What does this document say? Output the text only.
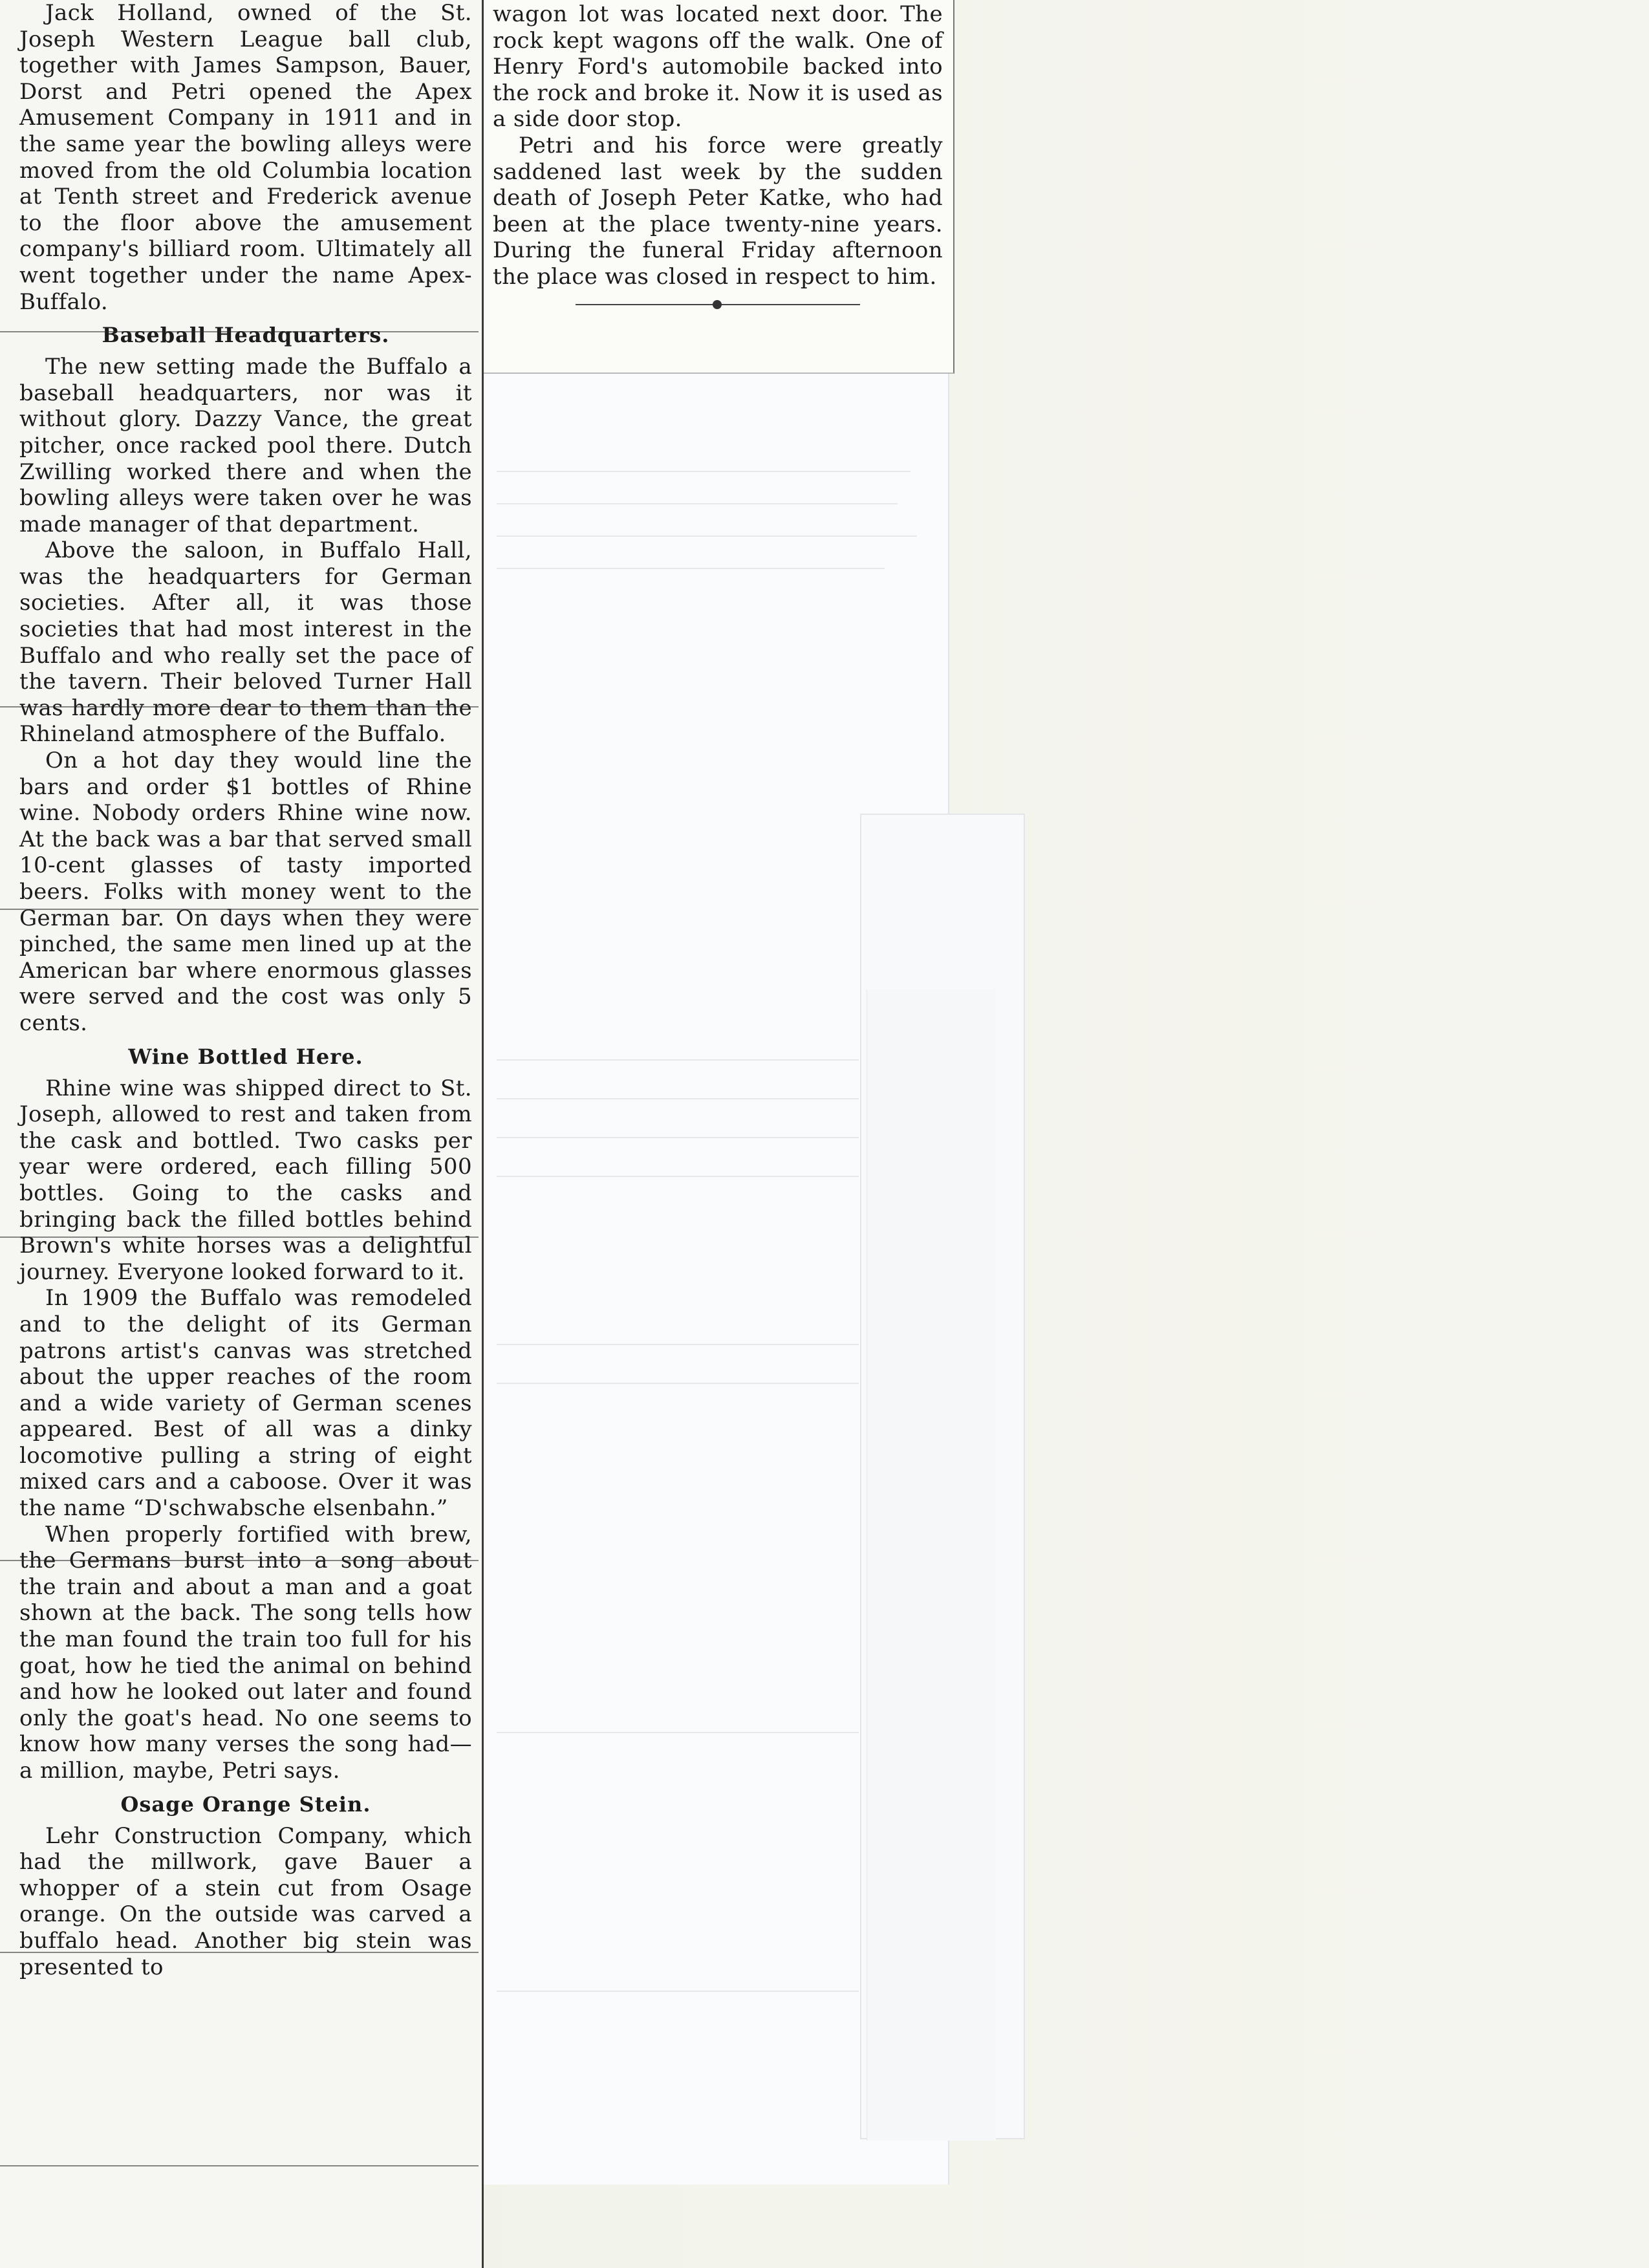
Jack Holland, owned of the St. Joseph Western League ball club, together with James Sampson, Bauer, Dorst and Petri opened the Apex Amusement Company in 1911 and in the same year the bowling alleys were moved from the old Columbia location at Tenth street and Frederick avenue to the floor above the amusement company's billiard room. Ultimately all went together under the name Apex-Buffalo.

Baseball Headquarters.

The new setting made the Buffalo a baseball headquarters, nor was it without glory. Dazzy Vance, the great pitcher, once racked pool there. Dutch Zwilling worked there and when the bowling alleys were taken over he was made manager of that department.

Above the saloon, in Buffalo Hall, was the headquarters for German societies. After all, it was those societies that had most interest in the Buffalo and who really set the pace of the tavern. Their beloved Turner Hall was hardly more dear to them than the Rhineland atmosphere of the Buffalo.

On a hot day they would line the bars and order $1 bottles of Rhine wine. Nobody orders Rhine wine now. At the back was a bar that served small 10-cent glasses of tasty imported beers. Folks with money went to the German bar. On days when they were pinched, the same men lined up at the American bar where enormous glasses were served and the cost was only 5 cents.

Wine Bottled Here.

Rhine wine was shipped direct to St. Joseph, allowed to rest and taken from the cask and bottled. Two casks per year were ordered, each filling 500 bottles. Going to the casks and bringing back the filled bottles behind Brown's white horses was a delightful journey. Everyone looked forward to it.

In 1909 the Buffalo was remodeled and to the delight of its German patrons artist's canvas was stretched about the upper reaches of the room and a wide variety of German scenes appeared. Best of all was a dinky locomotive pulling a string of eight mixed cars and a caboose. Over it was the name “D'schwabsche elsenbahn.”

When properly fortified with brew, the Germans burst into a song about the train and about a man and a goat shown at the back. The song tells how the man found the train too full for his goat, how he tied the animal on behind and how he looked out later and found only the goat's head. No one seems to know how many verses the song had—a million, maybe, Petri says.

Osage Orange Stein.

Lehr Construction Company, which had the millwork, gave Bauer a whopper of a stein cut from Osage orange. On the outside was carved a buffalo head. Another big stein was presented to

wagon lot was located next door. The rock kept wagons off the walk. One of Henry Ford's automobile backed into the rock and broke it. Now it is used as a side door stop.

Petri and his force were greatly saddened last week by the sudden death of Joseph Peter Katke, who had been at the place twenty-nine years. During the funeral Friday afternoon the place was closed in respect to him.
